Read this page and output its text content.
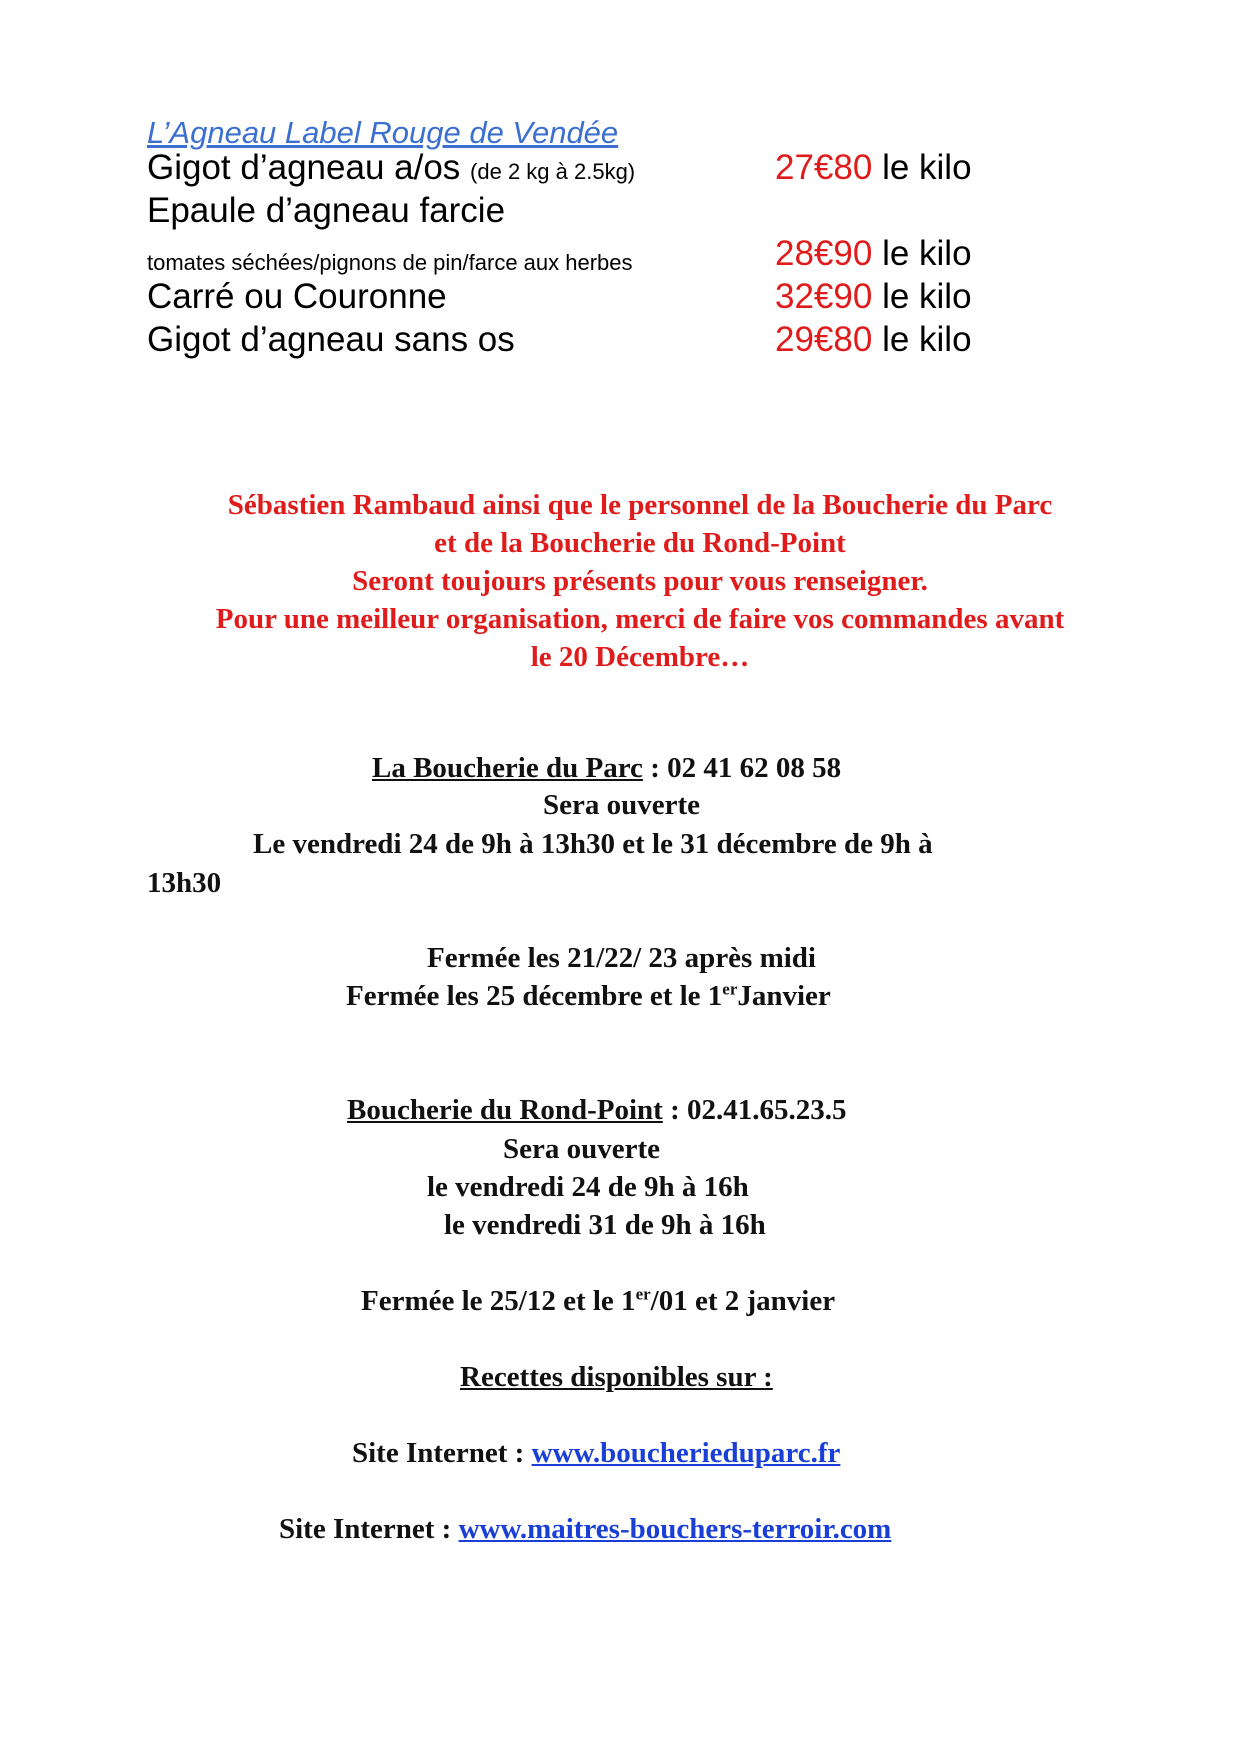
L’Agneau Label Rouge de Vendée
Gigot d’agneau a/os (de 2 kg à 2.5kg)	27€80 le kilo
Epaule d’agneau farcie
tomates séchées/pignons de pin/farce aux herbes	28€90 le kilo
Carré ou Couronne	32€90 le kilo
Gigot d’agneau sans os	29€80 le kilo
Sébastien Rambaud ainsi que le personnel de la Boucherie du Parc
et de la Boucherie du Rond-Point
Seront toujours présents pour vous renseigner.
Pour une meilleur organisation, merci de faire vos commandes avant
le 20 Décembre…
La Boucherie du Parc : 02 41 62 08 58
Sera ouverte
Le vendredi 24 de 9h à 13h30 et le 31 décembre de 9h à
13h30
Fermée les 21/22/ 23 après midi
Fermée les 25 décembre et le 1erJanvier
Boucherie du Rond-Point : 02.41.65.23.5
Sera ouverte
le vendredi 24 de 9h à 16h
le vendredi 31 de 9h à 16h
Fermée le 25/12 et le 1er/01 et 2 janvier
Recettes disponibles sur :
Site Internet : www.boucherieduparc.fr
Site Internet : www.maitres-bouchers-terroir.com
